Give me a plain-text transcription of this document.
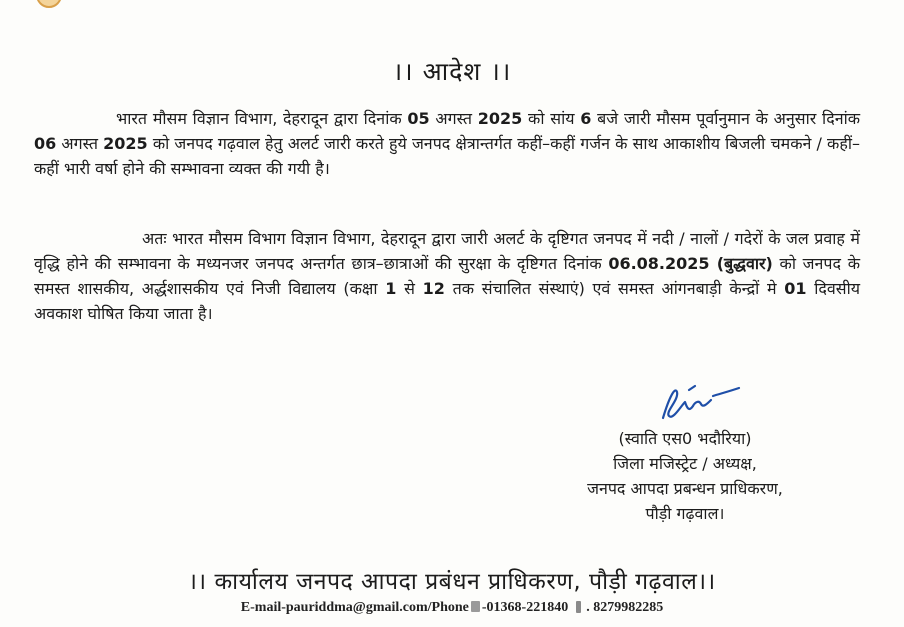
।। आदेश ।।

भारत मौसम विज्ञान विभाग, देहरादून द्वारा दिनांक 05 अगस्त 2025 को सांय 6 बजे जारी मौसम पूर्वानुमान के अनुसार दिनांक 06 अगस्त 2025 को जनपद गढ़वाल हेतु अलर्ट जारी करते हुये जनपद क्षेत्रान्तर्गत कहीं–कहीं गर्जन के साथ आकाशीय बिजली चमकने / कहीं–कहीं भारी वर्षा होने की सम्भावना व्यक्त की गयी है।

अतः भारत मौसम विभाग विज्ञान विभाग, देहरादून द्वारा जारी अलर्ट के दृष्टिगत जनपद में नदी / नालों / गदेरों के जल प्रवाह में वृद्धि होने की सम्भावना के मध्यनजर जनपद अन्तर्गत छात्र–छात्राओं की सुरक्षा के दृष्टिगत दिनांक 06.08.2025 (बुद्धवार) को जनपद के समस्त शासकीय, अर्द्धशासकीय एवं निजी विद्यालय (कक्षा 1 से 12 तक संचालित संस्थाएं) एवं समस्त आंगनबाड़ी केन्द्रों मे 01 दिवसीय अवकाश घोषित किया जाता है।

(स्वाति एस0 भदौरिया)
जिला मजिस्ट्रेट / अध्यक्ष,
जनपद आपदा प्रबन्धन प्राधिकरण,
पौड़ी गढ़वाल।
।। कार्यालय जनपद आपदा प्रबंधन प्राधिकरण, पौड़ी गढ़वाल।।
E-mail-pauriddma@gmail.com/Phone -01368-221840 . 8279982285
